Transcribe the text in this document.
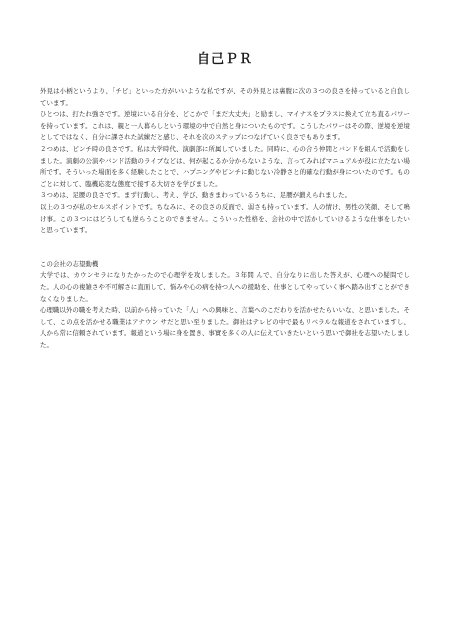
自己ＰＲ

外見は小柄というより、「チビ」といった方がいいような私ですが、その外見とは裏腹に次の３つの良さを持っていると自負しています。

ひとつは、打たれ強さです。逆境にいる自分を、どこかで「まだ大丈夫」と励まし、マイナスをプラスに換えて立ち直るパワーを持っています。これは、親と一人暮らしという環境の中で自然と身についたものです。こうしたパワーはその際、逆境を逆境としてではなく、自分に課された試練だと感じ、それを次のステップにつなげていく良さでもあります。

２つめは、ピンチ時の良さです。私は大学時代、演劇部に所属していました。同時に、心の合う仲間とバンドを組んで活動をしました。演劇の公演やバンド活動のライブなどは、何が起こるか分からないような、言ってみればマニュアルが役に立たない場所です。そういった場面を多く経験したことで、ハプニングやピンチに動じない冷静さと的確な行動が身についたのです。ものごとに対して、臨機応変な態度で接する大切さを学びました。

３つめは、足腰の良さです。まず行動し、考え、学び、動きまわっているうちに、足腰が鍛えられました。

以上の３つが私のセルスポイントです。ちなみに、その良さの反面で、弱さも持っています。人の情け、男性の笑顔、そして鳴け事。この３つにはどうしても逆らうことのできません。こういった性格を、会社の中で活かしていけるような仕事をしたいと思っています。

この会社の志望動機

大学では、カウンセラになりたかったので心理学を攻しました。３年間 んで、自分なりに出した答えが、心理への疑問でした。人の心の複雑さや不可解さに直面して、悩みや心の病を持つ人への援助を、仕事としてやっていく事へ踏み出すことができなくなりました。

心理職以外の職を考えた時、以前から持っていた「人」への興味と、言葉へのこだわりを活かせたらいいな、と思いました。そして、この点を活かせる職業はアナウン サだと思い至りました。御社はテレビの中で最もリベラルな報道をされていますし、人から常に信頼されています。報道という場に身を置き、事實を多くの人に伝えていきたいという思いで御社を志望いたしました。
